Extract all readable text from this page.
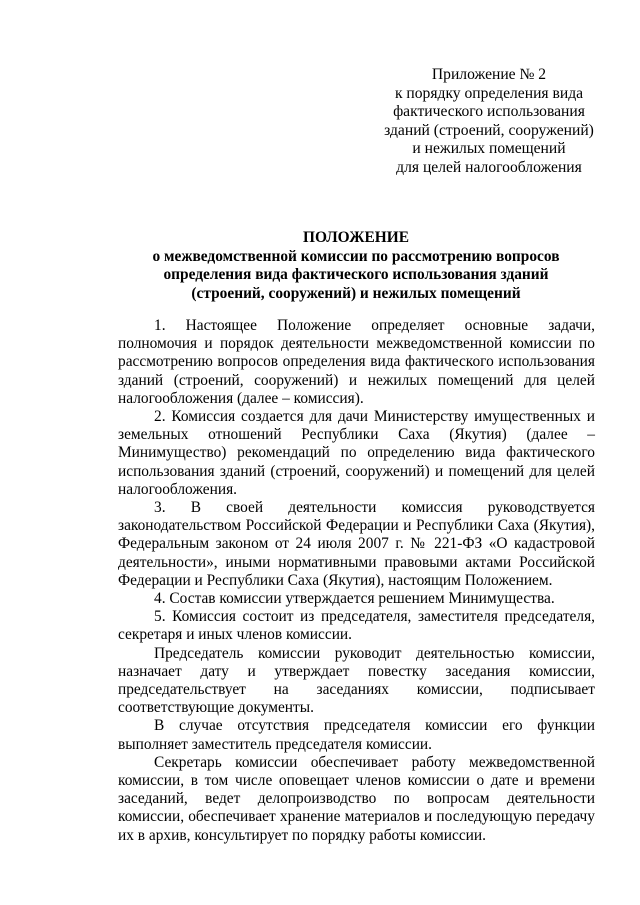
Приложение № 2
к порядку определения вида
фактического использования
зданий (строений, сооружений)
и нежилых помещений
для целей налогообложения
ПОЛОЖЕНИЕ
о межведомственной комиссии по рассмотрению вопросов
определения вида фактического использования зданий
(строений, сооружений) и нежилых помещений

1. Настоящее Положение определяет основные задачи, полномочия и порядок деятельности межведомственной комиссии по рассмотрению вопросов определения вида фактического использования зданий (строений, сооружений) и нежилых помещений для целей налогообложения (далее – комиссия).

2. Комиссия создается для дачи Министерству имущественных и земельных отношений Республики Саха (Якутия) (далее – Минимущество) рекомендаций по определению вида фактического использования зданий (строений, сооружений) и помещений для целей налогообложения.

3. В своей деятельности комиссия руководствуется законодательством Российской Федерации и Республики Саха (Якутия), Федеральным законом от 24 июля 2007 г. № 221-ФЗ «О кадастровой деятельности», иными нормативными правовыми актами Российской Федерации и Республики Саха (Якутия), настоящим Положением.

4. Состав комиссии утверждается решением Минимущества.

5. Комиссия состоит из председателя, заместителя председателя, секретаря и иных членов комиссии.

Председатель комиссии руководит деятельностью комиссии, назначает дату и утверждает повестку заседания комиссии, председательствует на заседаниях комиссии, подписывает соответствующие документы.

В случае отсутствия председателя комиссии его функции выполняет заместитель председателя комиссии.

Секретарь комиссии обеспечивает работу межведомственной комиссии, в том числе оповещает членов комиссии о дате и времени заседаний, ведет делопроизводство по вопросам деятельности комиссии, обеспечивает хранение материалов и последующую передачу их в архив, консультирует по порядку работы комиссии.
